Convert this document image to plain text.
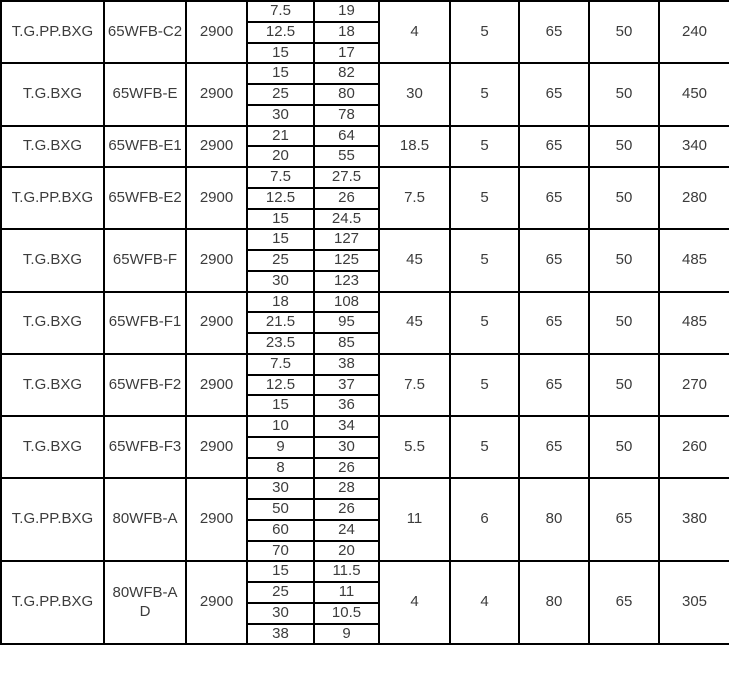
T.G.PP.BXG	65WFB-C2	2900	7.5	19	4	5	65	50	240
			12.5	18					
			15	17					
T.G.BXG	65WFB-E	2900	15	82	30	5	65	50	450
			25	80					
			30	78					
T.G.BXG	65WFB-E1	2900	21	64	18.5	5	65	50	340
			20	55					
T.G.PP.BXG	65WFB-E2	2900	7.5	27.5	7.5	5	65	50	280
			12.5	26					
			15	24.5					
T.G.BXG	65WFB-F	2900	15	127	45	5	65	50	485
			25	125					
			30	123					
T.G.BXG	65WFB-F1	2900	18	108	45	5	65	50	485
			21.5	95					
			23.5	85					
T.G.BXG	65WFB-F2	2900	7.5	38	7.5	5	65	50	270
			12.5	37					
			15	36					
T.G.BXG	65WFB-F3	2900	10	34	5.5	5	65	50	260
			9	30					
			8	26					
T.G.PP.BXG	80WFB-A	2900	30	28	11	6	80	65	380
			50	26					
			60	24					
			70	20					
T.G.PP.BXG	80WFB-A D	2900	15	11.5	4	4	80	65	305
			25	11					
			30	10.5					
			38	9					
